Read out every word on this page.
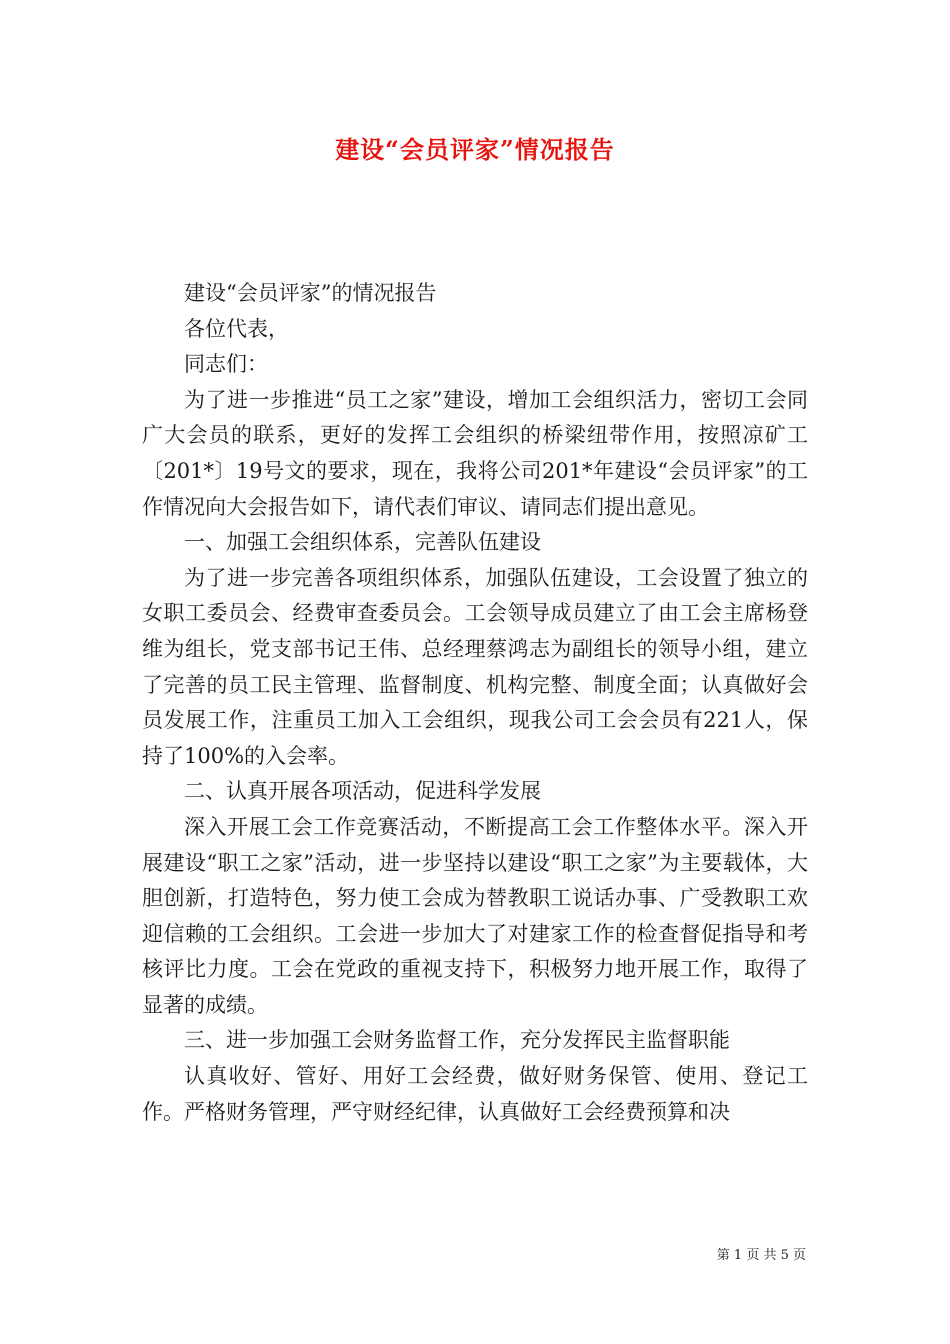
建设“会员评家”情况报告

建设“会员评家”的情况报告

各位代表，

同志们：

为了进一步推进“员工之家”建设，增加工会组织活力，密切工会同广大会员的联系，更好的发挥工会组织的桥梁纽带作用，按照凉矿工〔201*〕19号文的要求，现在，我将公司201*年建设“会员评家”的工作情况向大会报告如下，请代表们审议、请同志们提出意见。

一、加强工会组织体系，完善队伍建设

为了进一步完善各项组织体系，加强队伍建设，工会设置了独立的女职工委员会、经费审查委员会。工会领导成员建立了由工会主席杨登维为组长，党支部书记王伟、总经理蔡鸿志为副组长的领导小组，建立了完善的员工民主管理、监督制度、机构完整、制度全面；认真做好会员发展工作，注重员工加入工会组织，现我公司工会会员有221人，保持了100%的入会率。

二、认真开展各项活动，促进科学发展

深入开展工会工作竞赛活动，不断提高工会工作整体水平。深入开展建设“职工之家”活动，进一步坚持以建设“职工之家”为主要载体，大胆创新，打造特色，努力使工会成为替教职工说话办事、广受教职工欢迎信赖的工会组织。工会进一步加大了对建家工作的检查督促指导和考核评比力度。工会在党政的重视支持下，积极努力地开展工作，取得了显著的成绩。

三、进一步加强工会财务监督工作，充分发挥民主监督职能

认真收好、管好、用好工会经费，做好财务保管、使用、登记工作。严格财务管理，严守财经纪律，认真做好工会经费预算和决

第 1 页 共 5 页
